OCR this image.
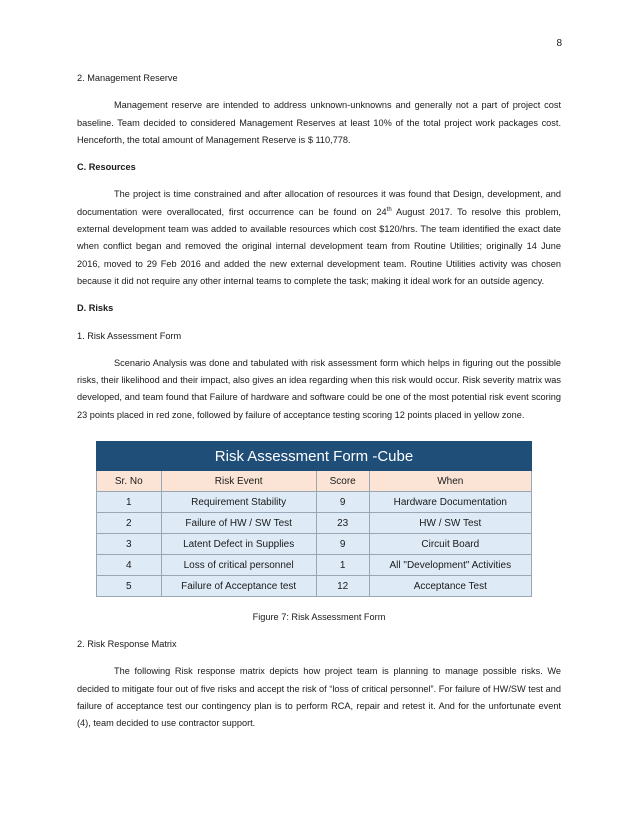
8

2. Management Reserve

Management reserve are intended to address unknown-unknowns and generally not a part of project cost baseline. Team decided to considered Management Reserves at least 10% of the total project work packages cost. Henceforth, the total amount of Management Reserve is $ 110,778.

C. Resources

The project is time constrained and after allocation of resources it was found that Design, development, and documentation were overallocated, first occurrence can be found on 24th August 2017. To resolve this problem, external development team was added to available resources which cost $120/hrs. The team identified the exact date when conflict began and removed the original internal development team from Routine Utilities; originally 14 June 2016, moved to 29 Feb 2016 and added the new external development team. Routine Utilities activity was chosen because it did not require any other internal teams to complete the task; making it ideal work for an outside agency.

D. Risks

1. Risk Assessment Form

Scenario Analysis was done and tabulated with risk assessment form which helps in figuring out the possible risks, their likelihood and their impact, also gives an idea regarding when this risk would occur. Risk severity matrix was developed, and team found that Failure of hardware and software could be one of the most potential risk event scoring 23 points placed in red zone, followed by failure of acceptance testing scoring 12 points placed in yellow zone.

Risk Assessment Form -Cube			
Sr. No	Risk Event	Score	When
1	Requirement Stability	9	Hardware Documentation
2	Failure of HW / SW Test	23	HW / SW Test
3	Latent Defect in Supplies	9	Circuit Board
4	Loss of critical personnel	1	All "Development" Activities
5	Failure of Acceptance test	12	Acceptance Test

Figure 7: Risk Assessment Form

2. Risk Response Matrix

The following Risk response matrix depicts how project team is planning to manage possible risks. We decided to mitigate four out of five risks and accept the risk of “loss of critical personnel”. For failure of HW/SW test and failure of acceptance test our contingency plan is to perform RCA, repair and retest it. And for the unfortunate event (4), team decided to use contractor support.
